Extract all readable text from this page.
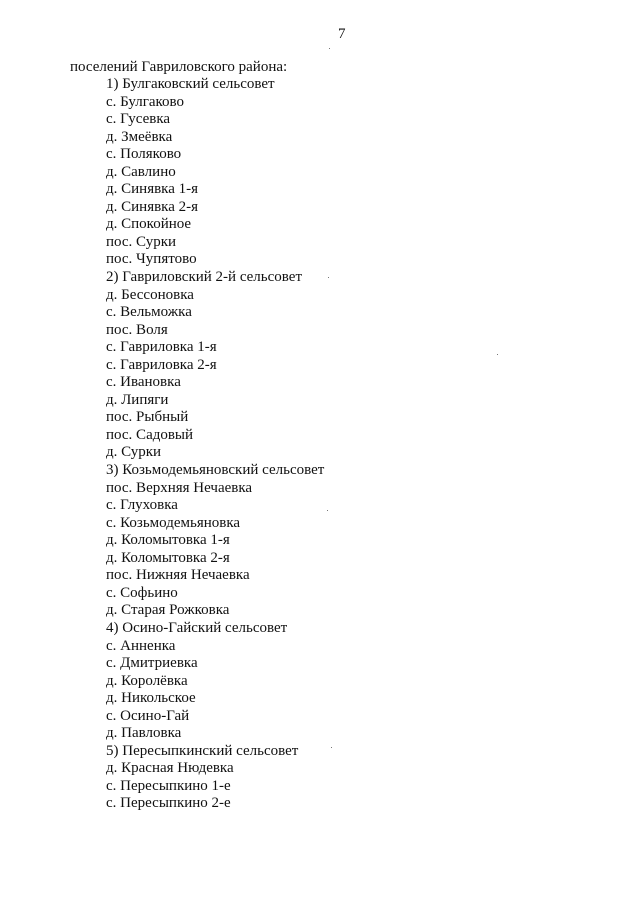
7
поселений Гавриловского района:
1) Булгаковский сельсовет
с. Булгаково
с. Гусевка
д. Змеёвка
с. Поляково
д. Савлино
д. Синявка 1-я
д. Синявка 2-я
д. Спокойное
пос. Сурки
пос. Чупятово
2) Гавриловский 2-й сельсовет
д. Бессоновка
с. Вельможка
пос. Воля
с. Гавриловка 1-я
с. Гавриловка 2-я
с. Ивановка
д. Липяги
пос. Рыбный
пос. Садовый
д. Сурки
3) Козьмодемьяновский сельсовет
пос. Верхняя Нечаевка
с. Глуховка
с. Козьмодемьяновка
д. Коломытовка 1-я
д. Коломытовка 2-я
пос. Нижняя Нечаевка
с. Софьино
д. Старая Рожковка
4) Осино-Гайский сельсовет
с. Анненка
с. Дмитриевка
д. Королёвка
д. Никольское
с. Осино-Гай
д. Павловка
5) Пересыпкинский сельсовет
д. Красная Нюдевка
с. Пересыпкино 1-е
с. Пересыпкино 2-е
